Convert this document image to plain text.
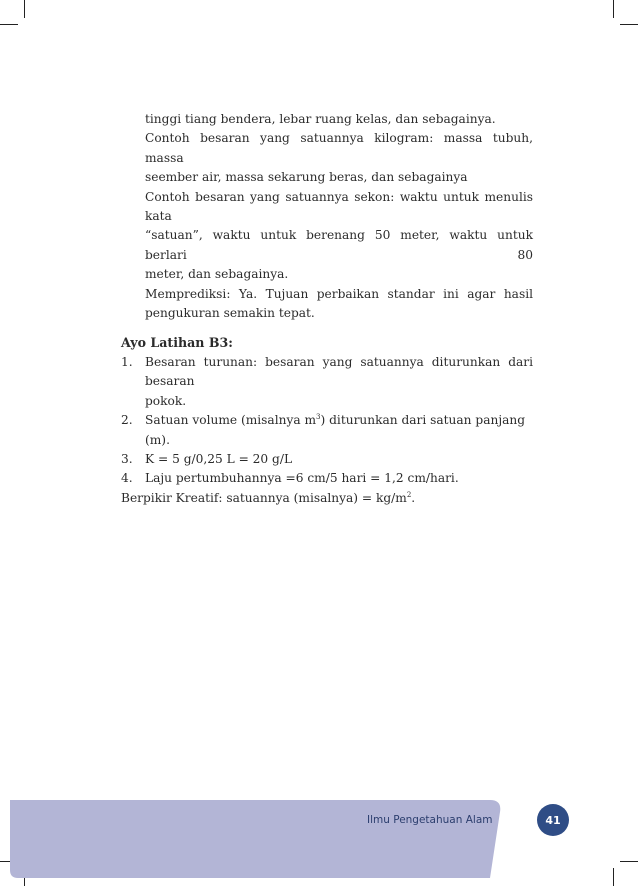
tinggi tiang bendera, lebar ruang kelas, dan sebagainya.

Contoh besaran yang satuannya kilogram: massa tubuh, massa

seember air, massa sekarung beras, dan sebagainya

Contoh besaran yang satuannya sekon: waktu untuk menulis kata

“satuan”, waktu untuk berenang 50 meter, waktu untuk berlari 80

meter, dan sebagainya.

Memprediksi: Ya. Tujuan perbaikan standar ini agar hasil

pengukuran semakin tepat.

Ayo Latihan B3:

1.	Besaran turunan: besaran yang satuannya diturunkan dari besaran
pokok.
2.	Satuan volume (misalnya $m^3$) diturunkan dari satuan panjang (m).
3.	K = 5 g/0,25 L = 20 g/L
4.	Laju pertumbuhannya =6 cm/5 hari = 1,2 cm/hari.

Berpikir Kreatif: satuannya (misalnya) = $kg/m^2$.

Ilmu Pengetahuan Alam	41
